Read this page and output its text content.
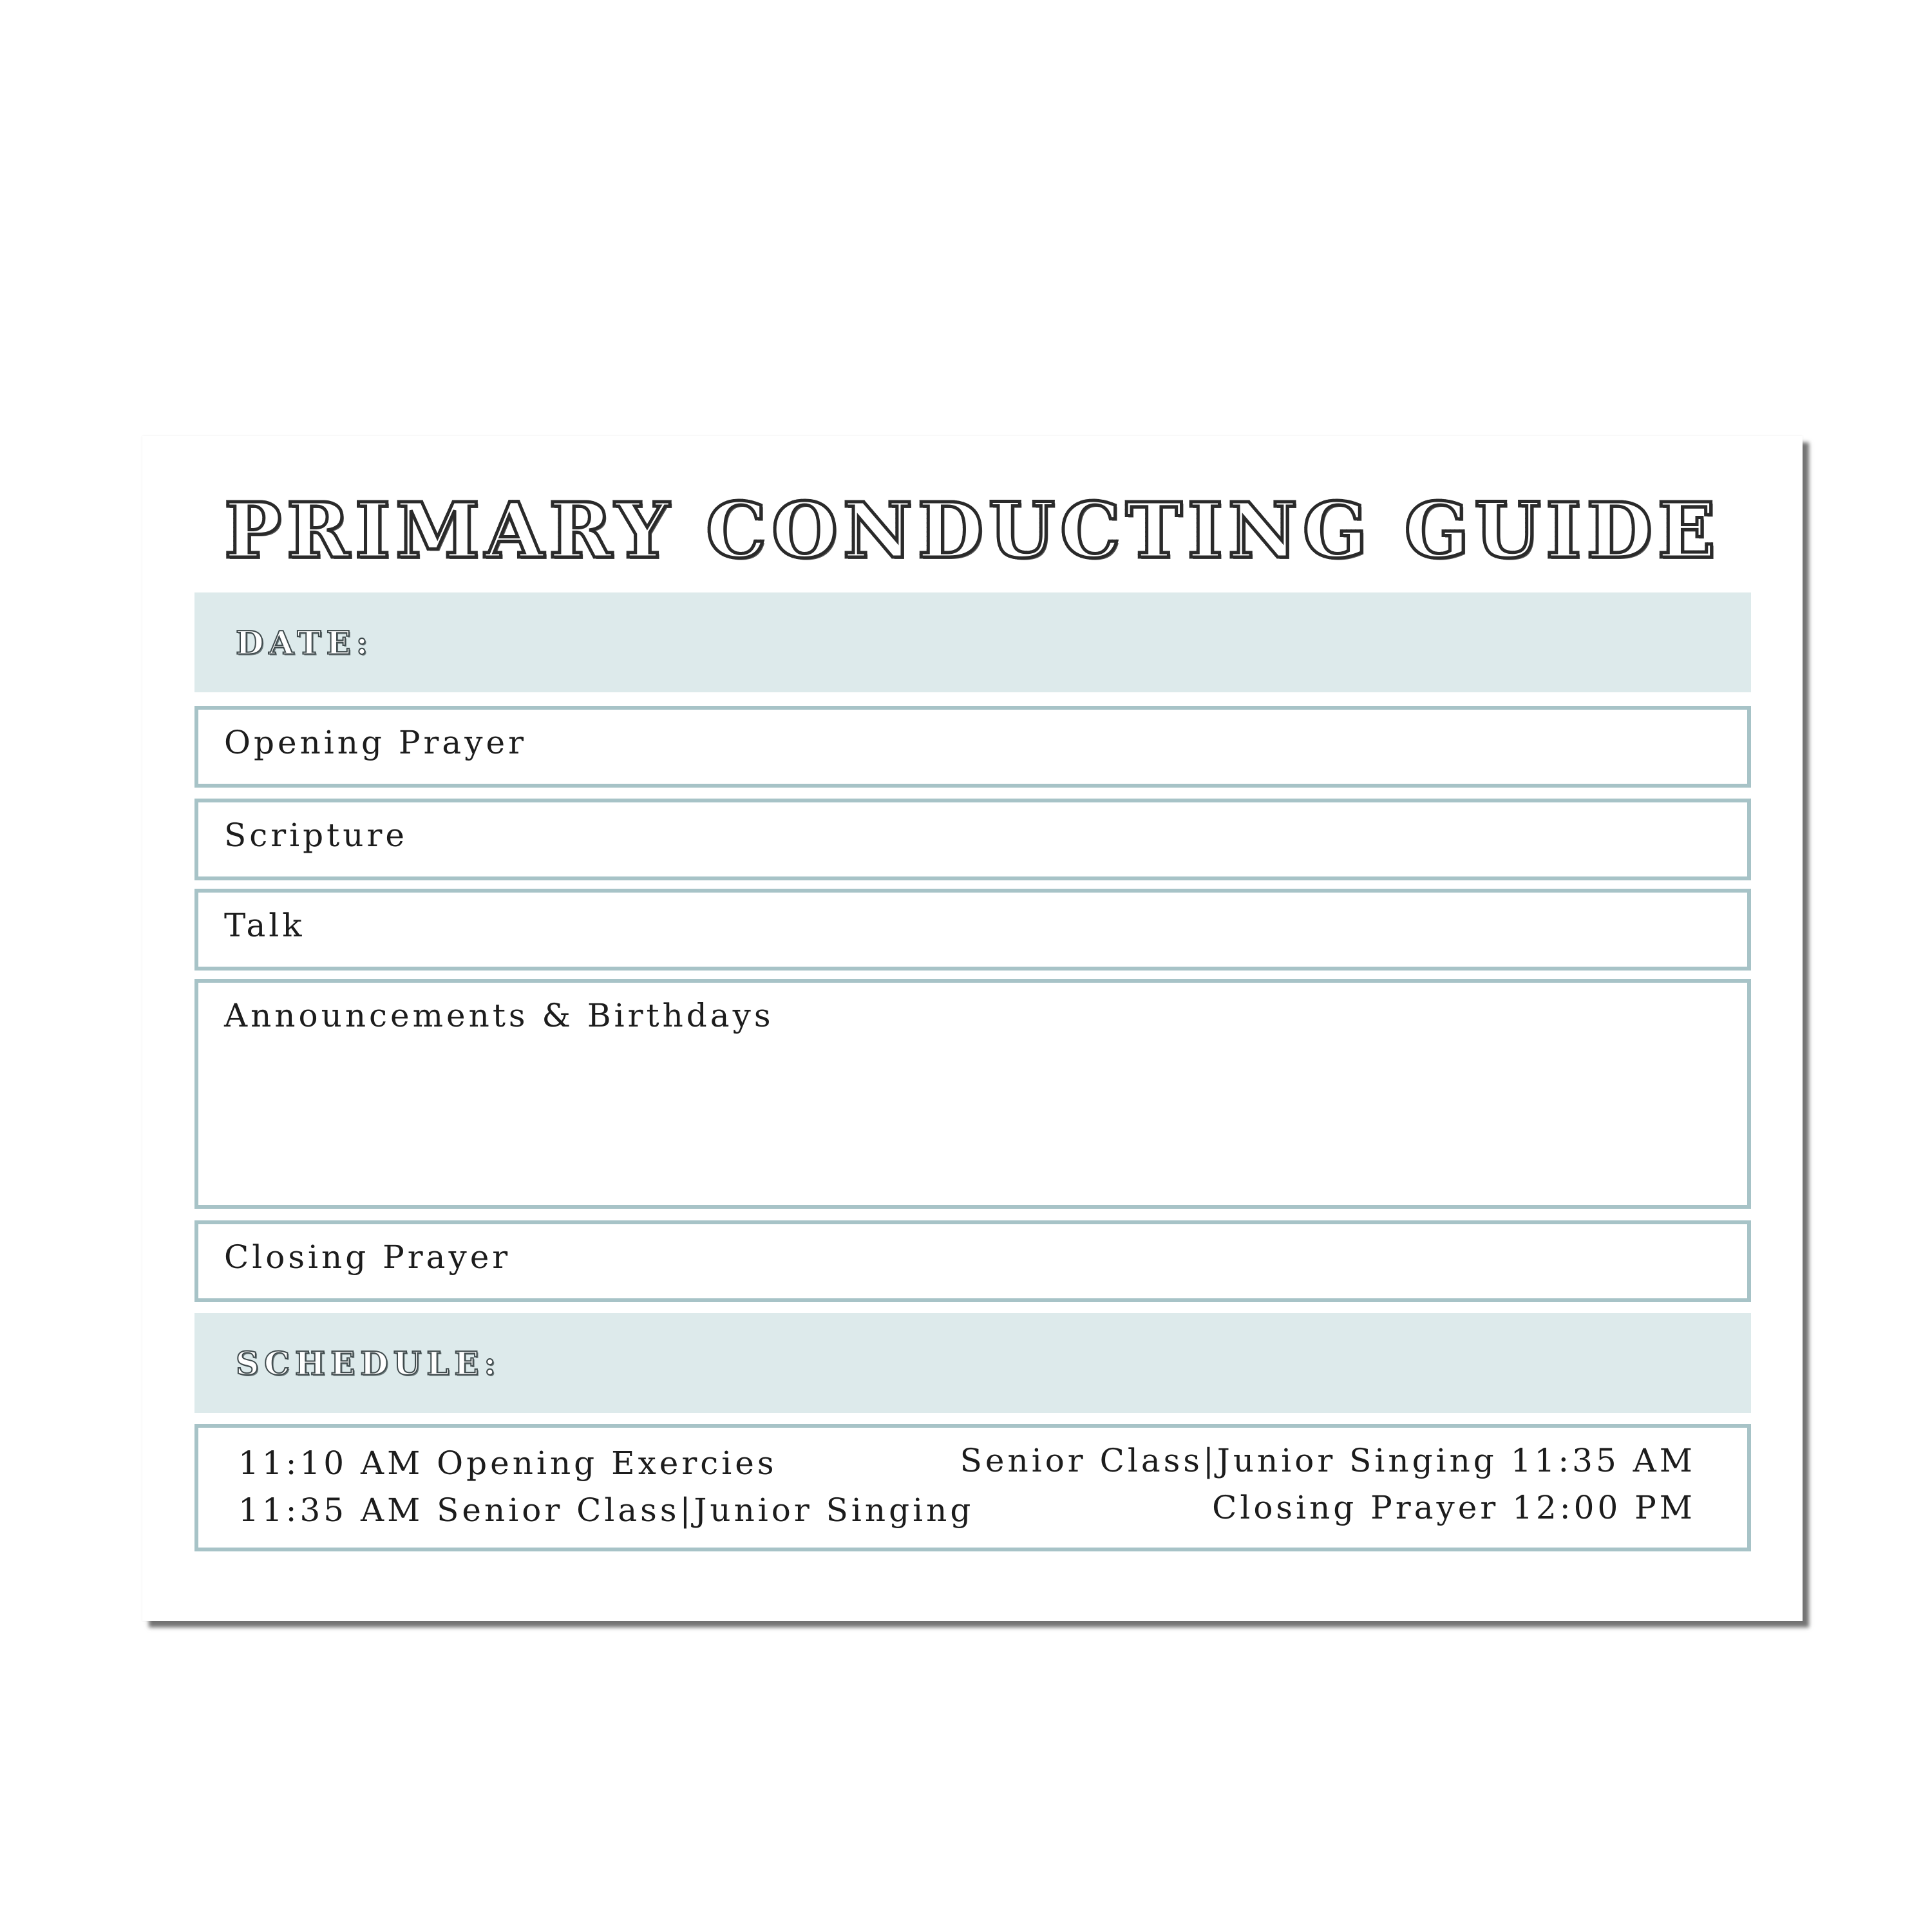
PRIMARY CONDUCTING GUIDE
DATE:
Opening Prayer
Scripture
Talk
Announcements & Birthdays
Closing Prayer
SCHEDULE:
11:10 AM Opening Exercies
11:35 AM Senior Class|Junior Singing
Senior Class|Junior Singing 11:35 AM
Closing Prayer 12:00 PM
